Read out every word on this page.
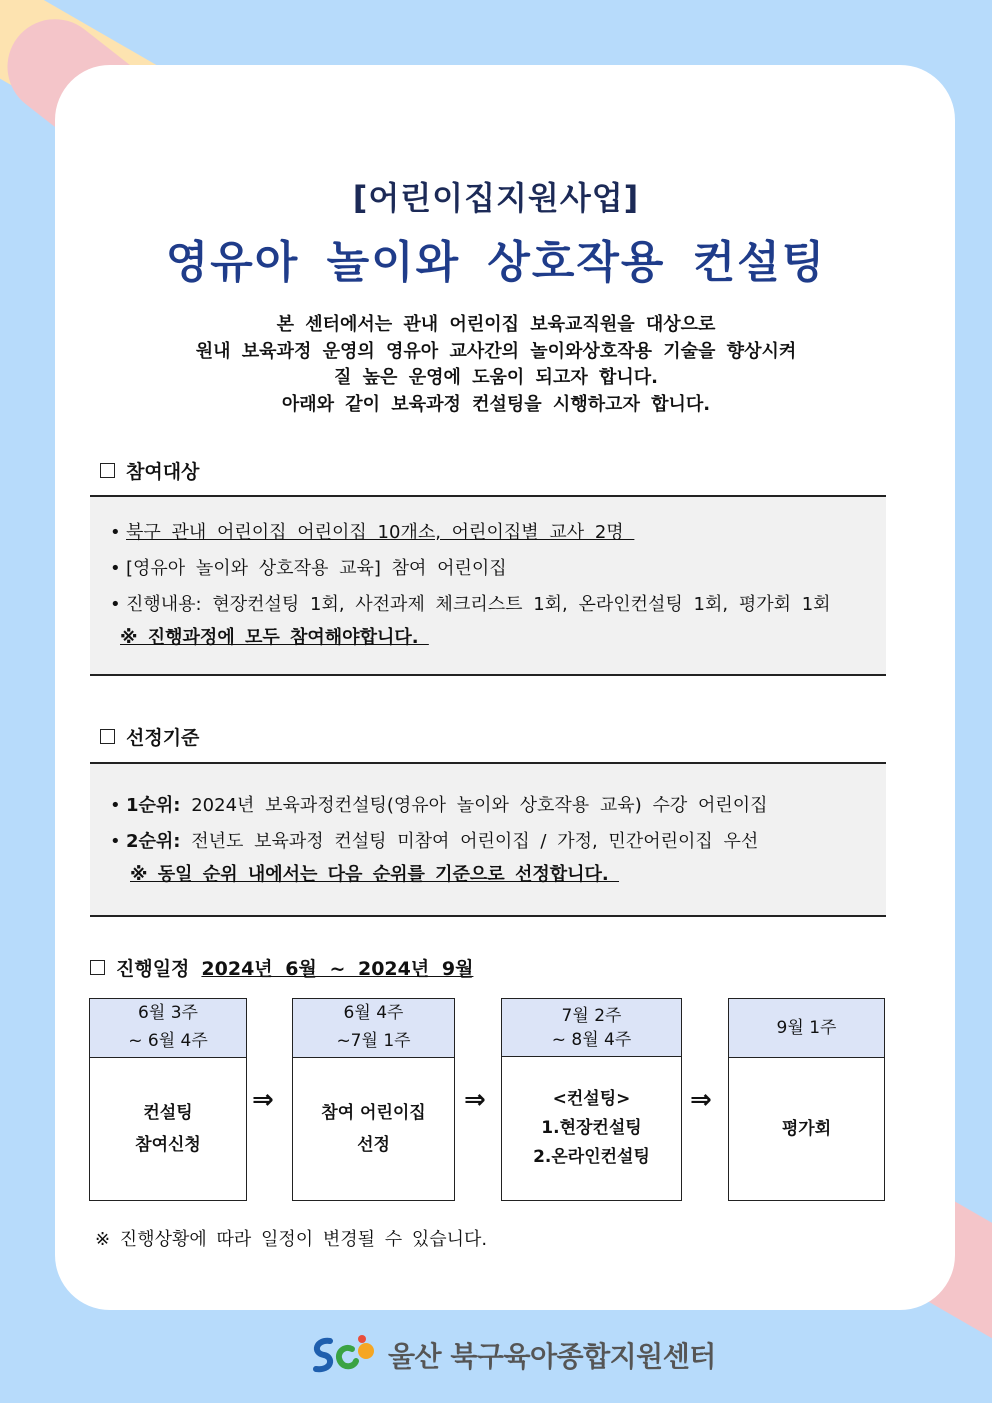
[어린이집지원사업]
영유아 놀이와 상호작용 컨설팅
본 센터에서는 관내 어린이집 보육교직원을 대상으로
원내 보육과정 운영의 영유아 교사간의 놀이와상호작용 기술을 향상시켜
질 높은 운영에 도움이 되고자 합니다.
아래와 같이 보육과정 컨설팅을 시행하고자 합니다.
참여대상
• 북구 관내 어린이집 어린이집 10개소, 어린이집별 교사 2명
• [영유아 놀이와 상호작용 교육] 참여 어린이집
• 진행내용: 현장컨설팅 1회, 사전과제 체크리스트 1회, 온라인컨설팅 1회, 평가회 1회
※ 진행과정에 모두 참여해야합니다.
선정기준
• 1순위: 2024년 보육과정컨설팅(영유아 놀이와 상호작용 교육) 수강 어린이집
• 2순위: 전년도 보육과정 컨설팅 미참여 어린이집 / 가정, 민간어린이집 우선
※ 동일 순위 내에서는 다음 순위를 기준으로 선정합니다.
진행일정 2024년 6월 ~ 2024년 9월
6월 3주
~ 6월 4주
컨설팅
참여신청
⇒
6월 4주
~7월 1주
참여 어린이집
선정
⇒
7월 2주
~ 8월 4주
<컨설팅>
1.현장컨설팅
2.온라인컨설팅
⇒
9월 1주
평가회
※ 진행상황에 따라 일정이 변경될 수 있습니다.
울산 북구육아종합지원센터
